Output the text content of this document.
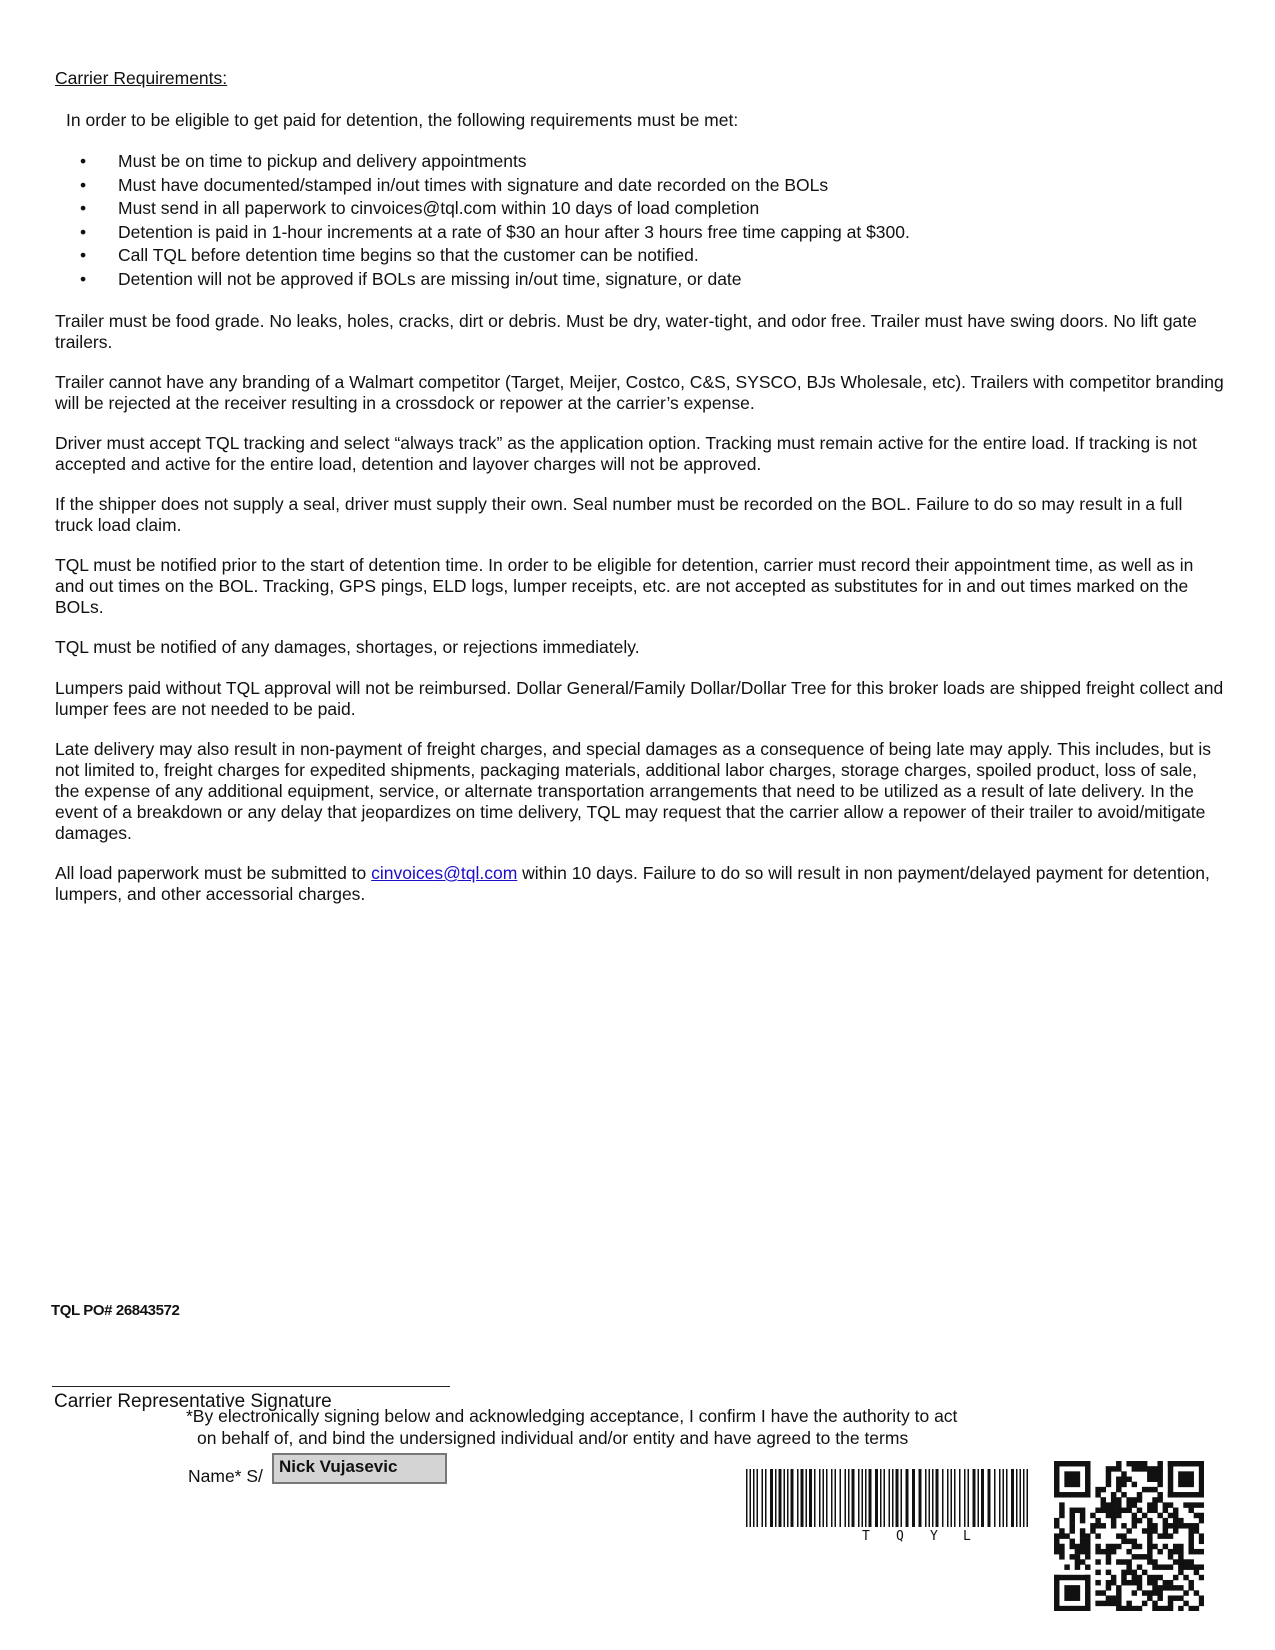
Carrier Requirements:
In order to be eligible to get paid for detention, the following requirements must be met:
• Must be on time to pickup and delivery appointments
• Must have documented/stamped in/out times with signature and date recorded on the BOLs
• Must send in all paperwork to cinvoices@tql.com within 10 days of load completion
• Detention is paid in 1-hour increments at a rate of $30 an hour after 3 hours free time capping at $300.
• Call TQL before detention time begins so that the customer can be notified.
• Detention will not be approved if BOLs are missing in/out time, signature, or date

Trailer must be food grade. No leaks, holes, cracks, dirt or debris. Must be dry, water-tight, and odor free. Trailer must have swing doors. No lift gate trailers.

Trailer cannot have any branding of a Walmart competitor (Target, Meijer, Costco, C&S, SYSCO, BJs Wholesale, etc). Trailers with competitor branding will be rejected at the receiver resulting in a crossdock or repower at the carrier’s expense.

Driver must accept TQL tracking and select “always track” as the application option. Tracking must remain active for the entire load. If tracking is not accepted and active for the entire load, detention and layover charges will not be approved.

If the shipper does not supply a seal, driver must supply their own. Seal number must be recorded on the BOL. Failure to do so may result in a full truck load claim.

TQL must be notified prior to the start of detention time. In order to be eligible for detention, carrier must record their appointment time, as well as in and out times on the BOL. Tracking, GPS pings, ELD logs, lumper receipts, etc. are not accepted as substitutes for in and out times marked on the BOLs.

TQL must be notified of any damages, shortages, or rejections immediately.

Lumpers paid without TQL approval will not be reimbursed. Dollar General/Family Dollar/Dollar Tree for this broker loads are shipped freight collect and lumper fees are not needed to be paid.

Late delivery may also result in non-payment of freight charges, and special damages as a consequence of being late may apply. This includes, but is not limited to, freight charges for expedited shipments, packaging materials, additional labor charges, storage charges, spoiled product, loss of sale, the expense of any additional equipment, service, or alternate transportation arrangements that need to be utilized as a result of late delivery. In the event of a breakdown or any delay that jeopardizes on time delivery, TQL may request that the carrier allow a repower of their trailer to avoid/mitigate damages.

All load paperwork must be submitted to cinvoices@tql.com within 10 days. Failure to do so will result in non payment/delayed payment for detention, lumpers, and other accessorial charges.

TQL PO# 26843572
Carrier Representative Signature
*By electronically signing below and acknowledging acceptance, I confirm I have the authority to act
on behalf of, and bind the undersigned individual and/or entity and have agreed to the terms
Name* S/ Nick Vujasevic
T Q Y L
